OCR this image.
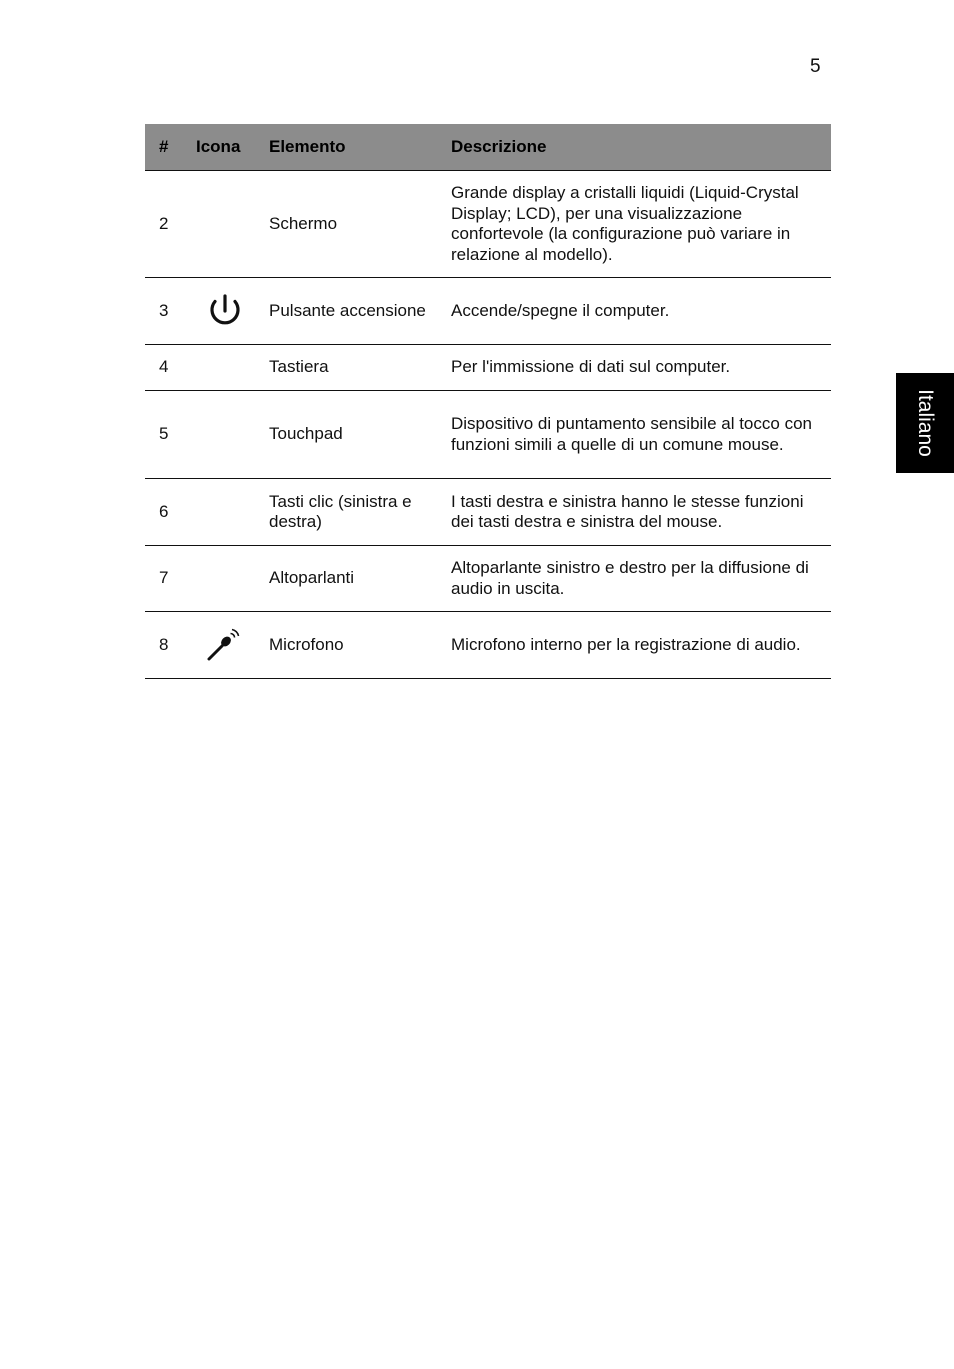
5
Italiano
#	Icona	Elemento	Descrizione
2		Schermo	Grande display a cristalli liquidi (Liquid-Crystal Display; LCD), per una visualizzazione confortevole (la configurazione può variare in relazione al modello).
3		Pulsante accensione	Accende/spegne il computer.
4		Tastiera	Per l'immissione di dati sul computer.
5		Touchpad	Dispositivo di puntamento sensibile al tocco con funzioni simili a quelle di un comune mouse.
6		Tasti clic (sinistra e destra)	I tasti destra e sinistra hanno le stesse funzioni dei tasti destra e sinistra del mouse.
7		Altoparlanti	Altoparlante sinistro e destro per la diffusione di audio in uscita.
8		Microfono	Microfono interno per la registrazione di audio.
